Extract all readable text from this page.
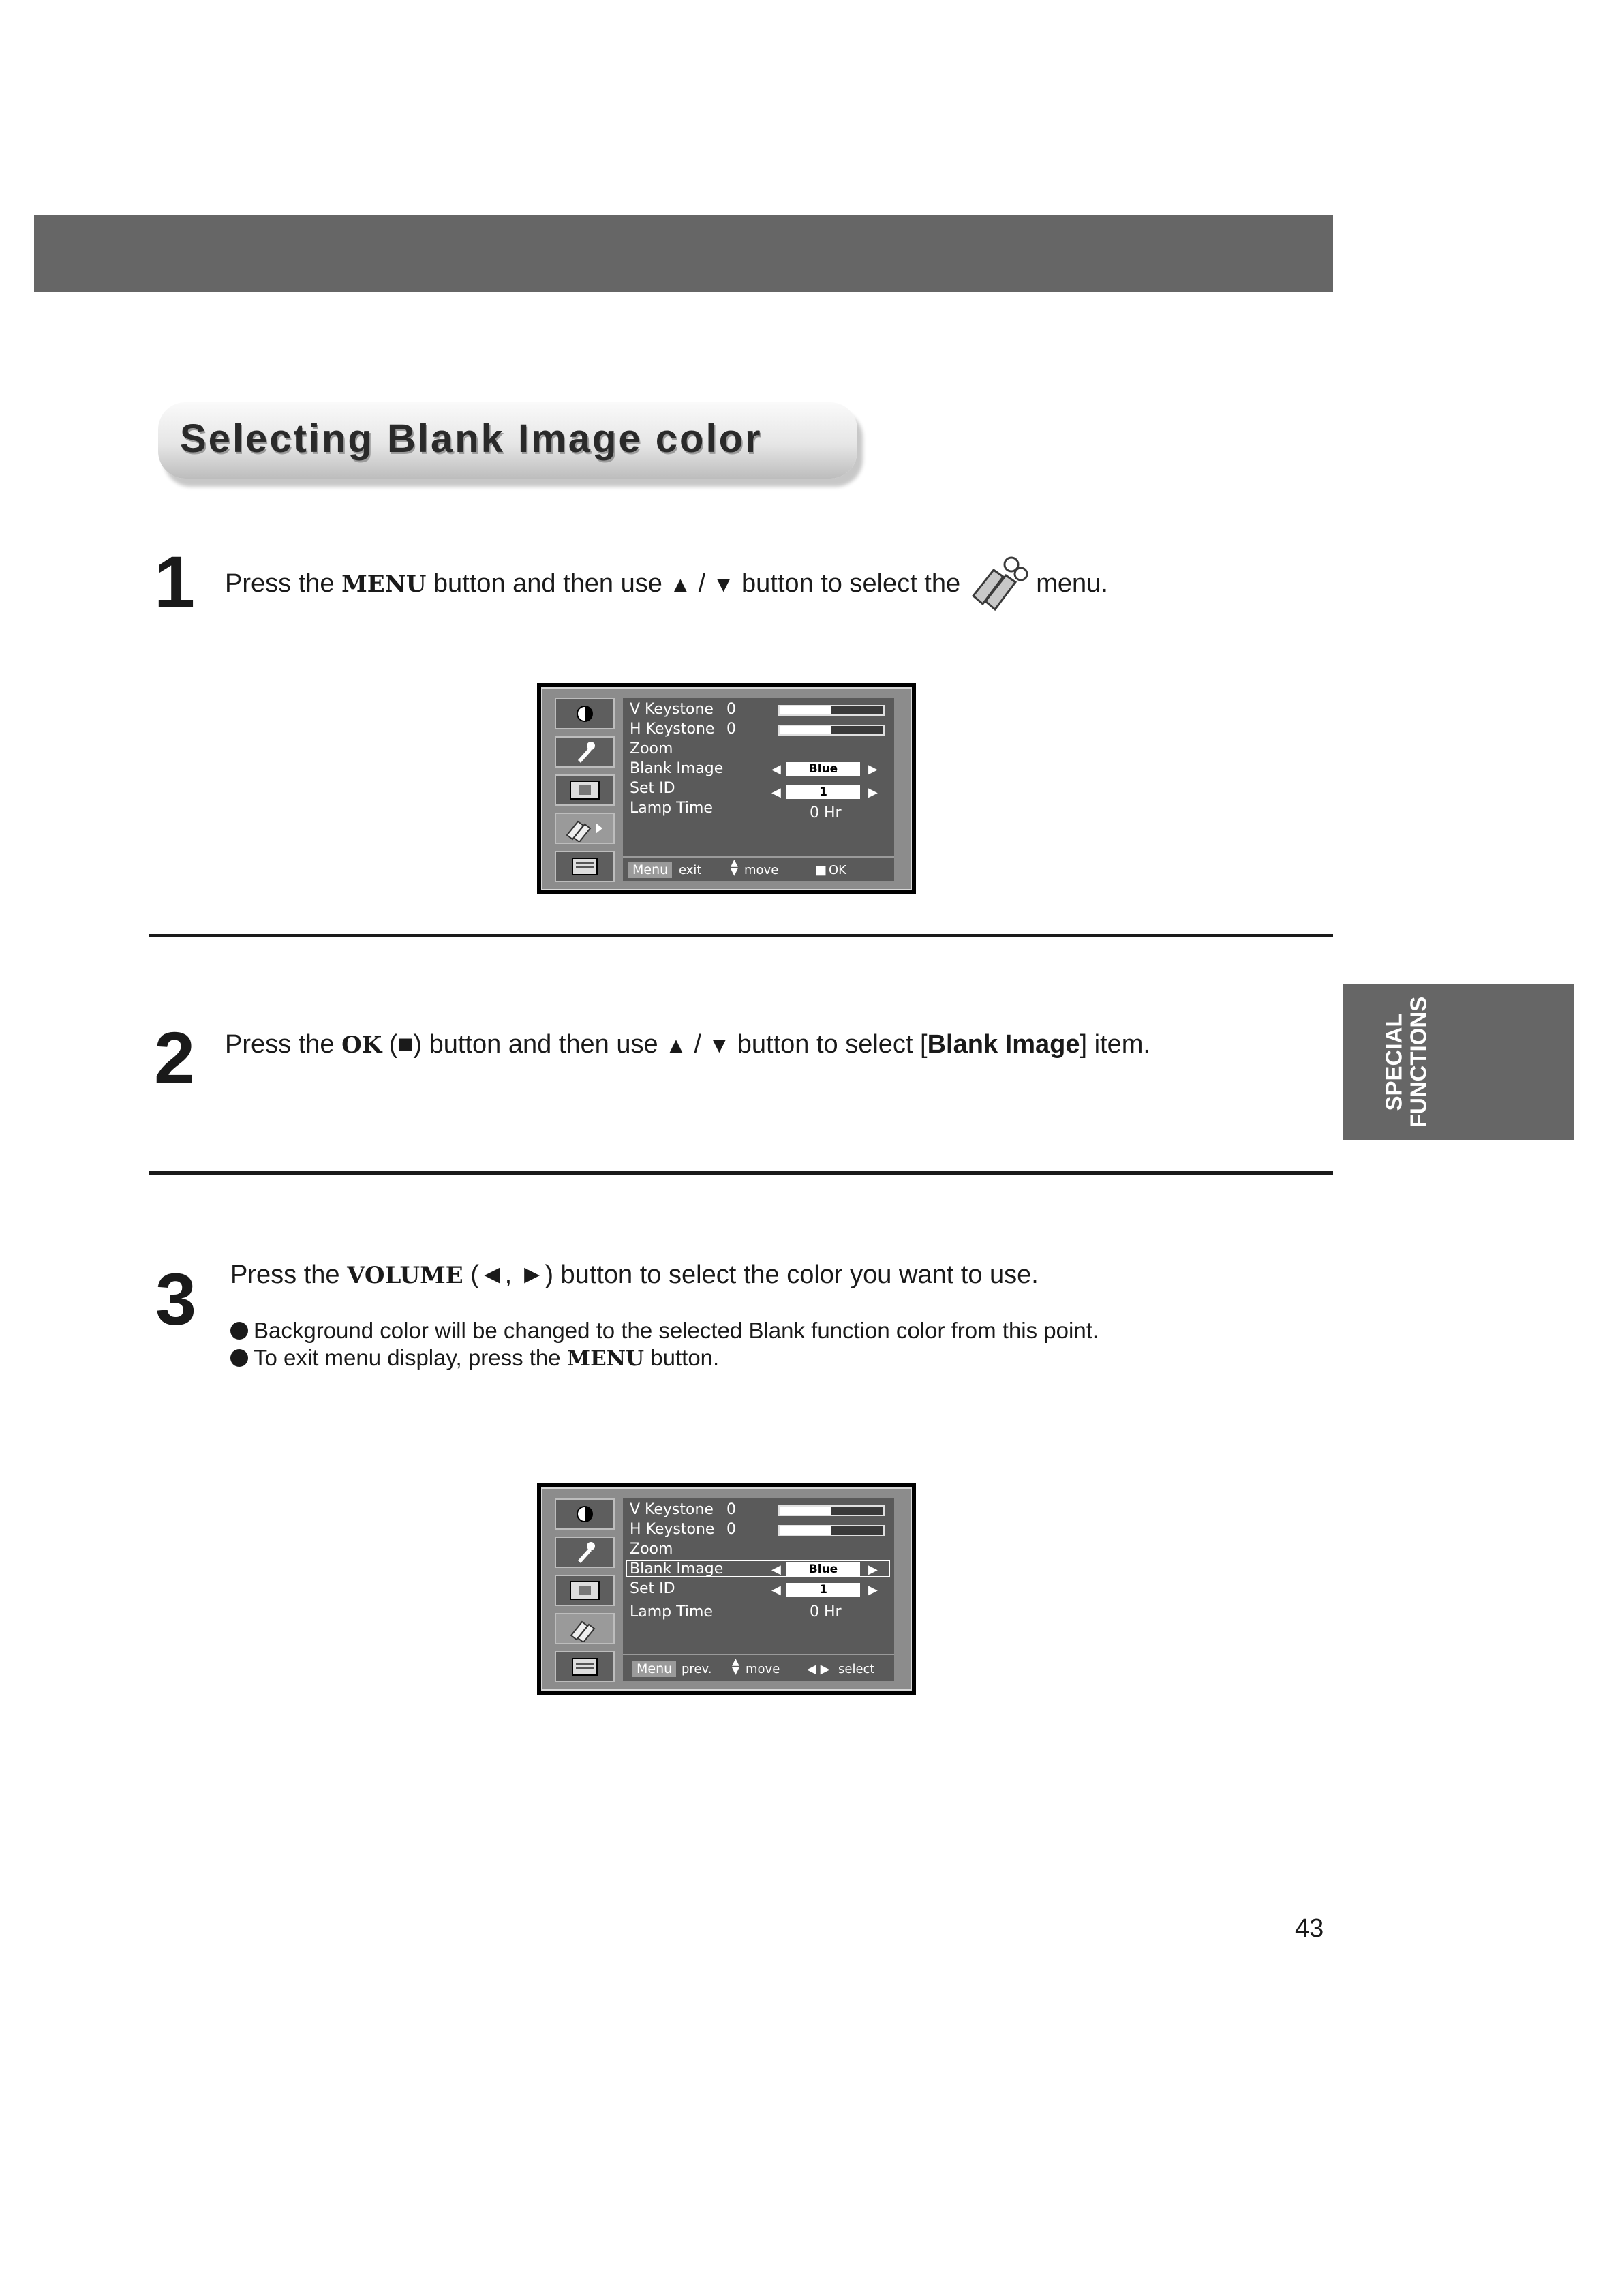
Selecting Blank Image color
1 Press the MENU button and then use ▲ / ▼ button to select the  menu.
V Keystone 0
H Keystone 0
Zoom
Blank Image	◀	Blue	▶
Set ID	◀	1	▶
Lamp Time	0 Hr
Menu exit	▲
▼ move	■ OK
2 Press the OK (■) button and then use ▲ / ▼ button to select [Blank Image] item.
3 Press the VOLUME (◄, ►) button to select the color you want to use.
Background color will be changed to the selected Blank function color from this point.
To exit menu display, press the MENU button.
V Keystone 0
H Keystone 0
Zoom
Blank Image	◀	Blue	▶
Set ID	◀	1	▶
Lamp Time	0 Hr
Menu prev. ▲
▼ move ◀ ▶ select
SPECIAL FUNCTIONS
43
